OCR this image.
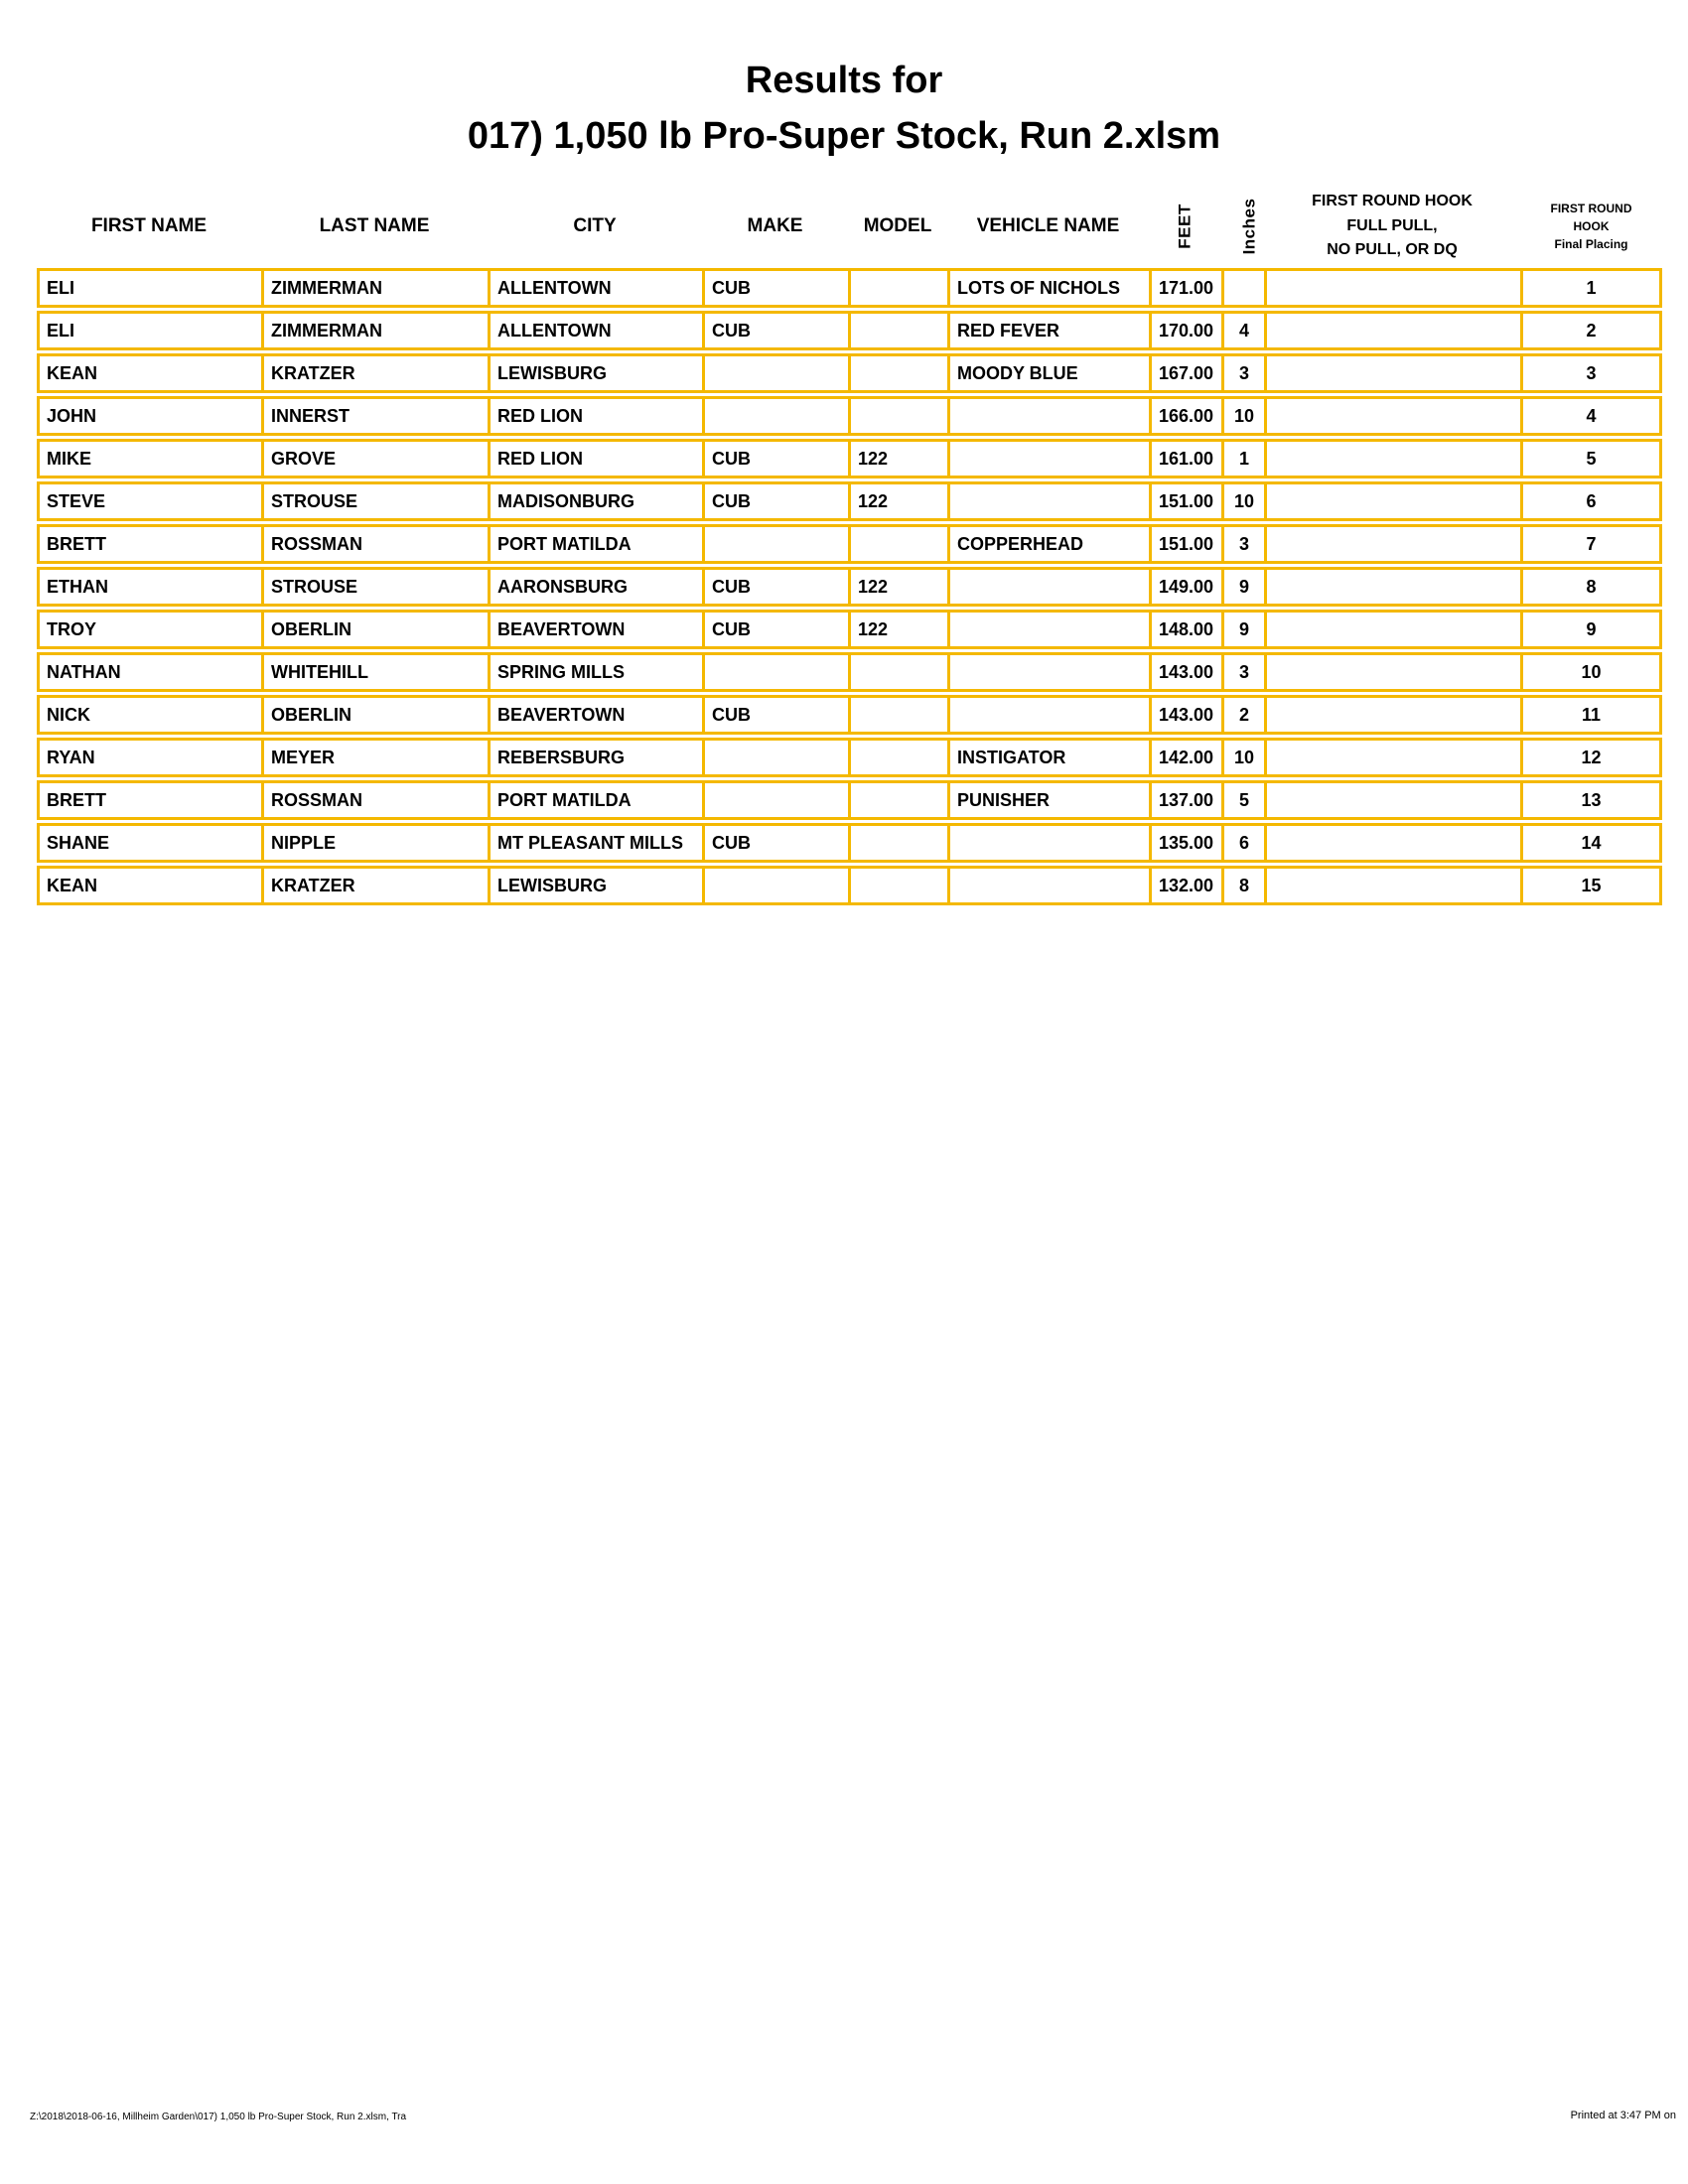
Results for
017) 1,050 lb Pro-Super Stock, Run 2.xlsm
FIRST NAME	LAST NAME	CITY	MAKE	MODEL	VEHICLE NAME	FEET	Inches	FIRST ROUND HOOK
FULL PULL,
NO PULL, OR DQ	FIRST ROUND
HOOK
Final Placing

ELI	ZIMMERMAN	ALLENTOWN	CUB		LOTS OF NICHOLS	171.00			1
ELI	ZIMMERMAN	ALLENTOWN	CUB		RED FEVER	170.00	4		2
KEAN	KRATZER	LEWISBURG			MOODY BLUE	167.00	3		3
JOHN	INNERST	RED LION				166.00	10		4
MIKE	GROVE	RED LION	CUB	122		161.00	1		5
STEVE	STROUSE	MADISONBURG	CUB	122		151.00	10		6
BRETT	ROSSMAN	PORT MATILDA			COPPERHEAD	151.00	3		7
ETHAN	STROUSE	AARONSBURG	CUB	122		149.00	9		8
TROY	OBERLIN	BEAVERTOWN	CUB	122		148.00	9		9
NATHAN	WHITEHILL	SPRING MILLS				143.00	3		10
NICK	OBERLIN	BEAVERTOWN	CUB			143.00	2		11
RYAN	MEYER	REBERSBURG			INSTIGATOR	142.00	10		12
BRETT	ROSSMAN	PORT MATILDA			PUNISHER	137.00	5		13
SHANE	NIPPLE	MT PLEASANT MILLS	CUB			135.00	6		14
KEAN	KRATZER	LEWISBURG				132.00	8		15
Z:\2018\2018-06-16, Millheim Garden\017) 1,050 lb Pro-Super Stock, Run 2.xlsm, Tra	Printed at 3:47 PM on
